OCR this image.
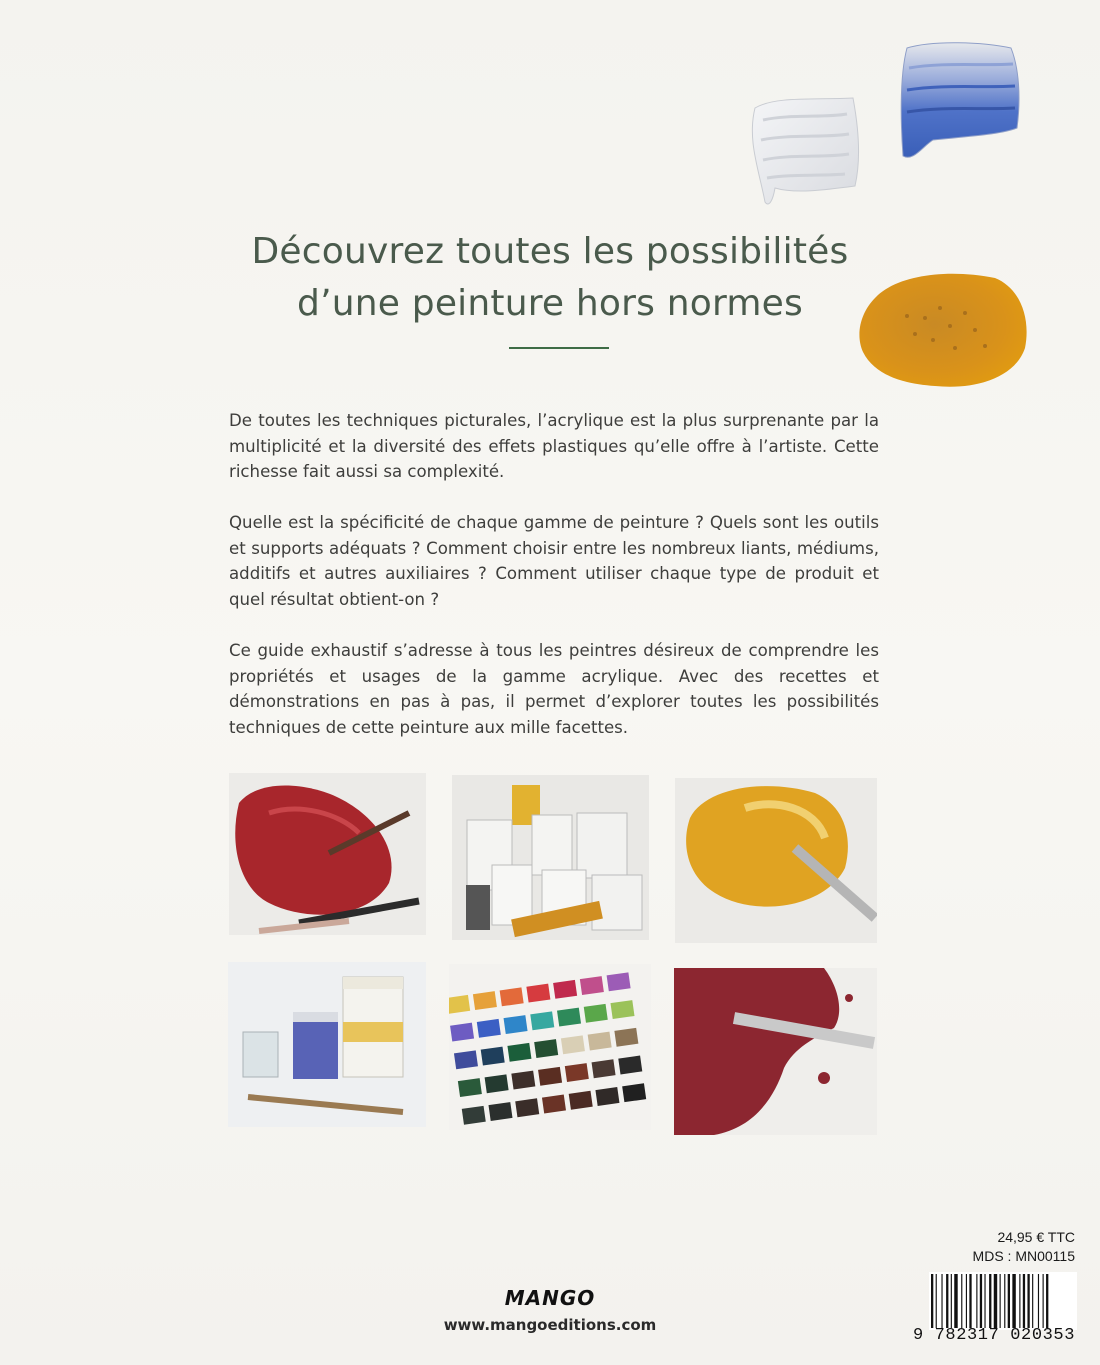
Découvrez toutes les possibilités
d’une peinture hors normes

De toutes les techniques picturales, l’acrylique est la plus surprenante par la multiplicité et la diversité des effets plastiques qu’elle offre à l’artiste. Cette richesse fait aussi sa complexité.

Quelle est la spécificité de chaque gamme de peinture ? Quels sont les outils et supports adéquats ? Comment choisir entre les nombreux liants, médiums, additifs et autres auxiliaires ? Comment utiliser chaque type de produit et quel résultat obtient-on ?

Ce guide exhaustif s’adresse à tous les peintres désireux de comprendre les propriétés et usages de la gamme acrylique. Avec des recettes et démonstrations en pas à pas, il permet d’explorer toutes les possibilités techniques de cette peinture aux mille facettes.

24,95 € TTC
MDS : MN00115
9 782317 020353
MANGO
www.mangoeditions.com
